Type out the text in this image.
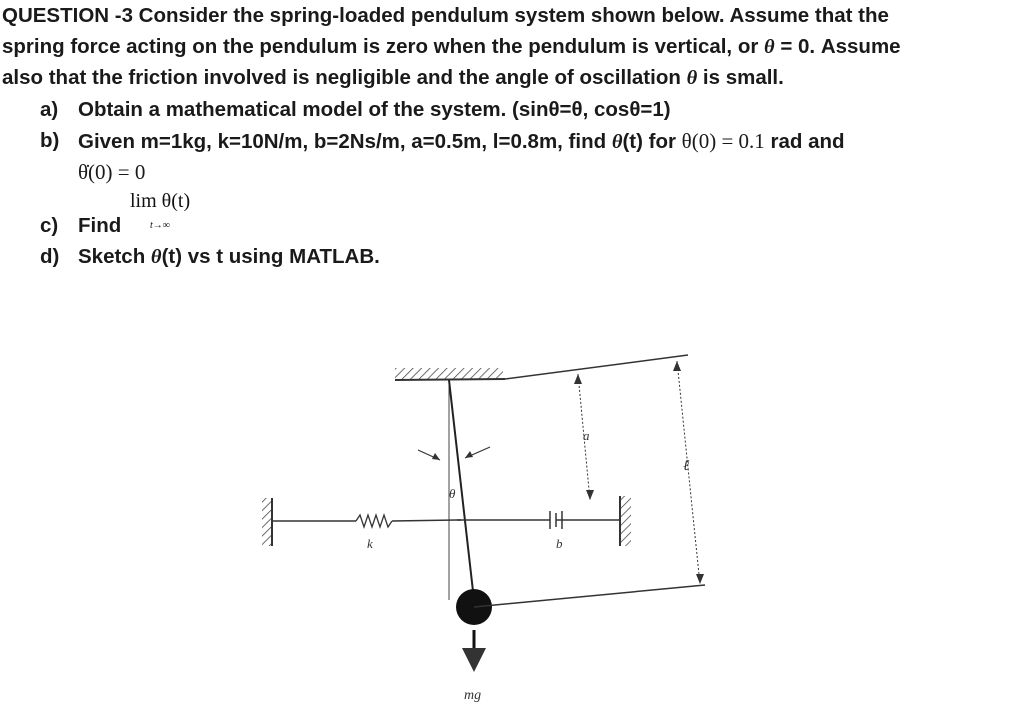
QUESTION -3 Consider the spring-loaded pendulum system shown below. Assume that the
spring force acting on the pendulum is zero when the pendulum is vertical, or θ = 0. Assume
also that the friction involved is negligible and the angle of oscillation θ is small.
a) Obtain a mathematical model of the system. (sinθ=θ, cosθ=1)
b) Given m=1kg, k=10N/m, b=2Ns/m, a=0.5m, l=0.8m, find θ(t) for θ(0) = 0.1 rad and
θ̇(0) = 0
c) Find
lim θ(t)
t→∞
d) Sketch θ(t) vs t using MATLAB.
a
ℓ
θ
k	b
mg
